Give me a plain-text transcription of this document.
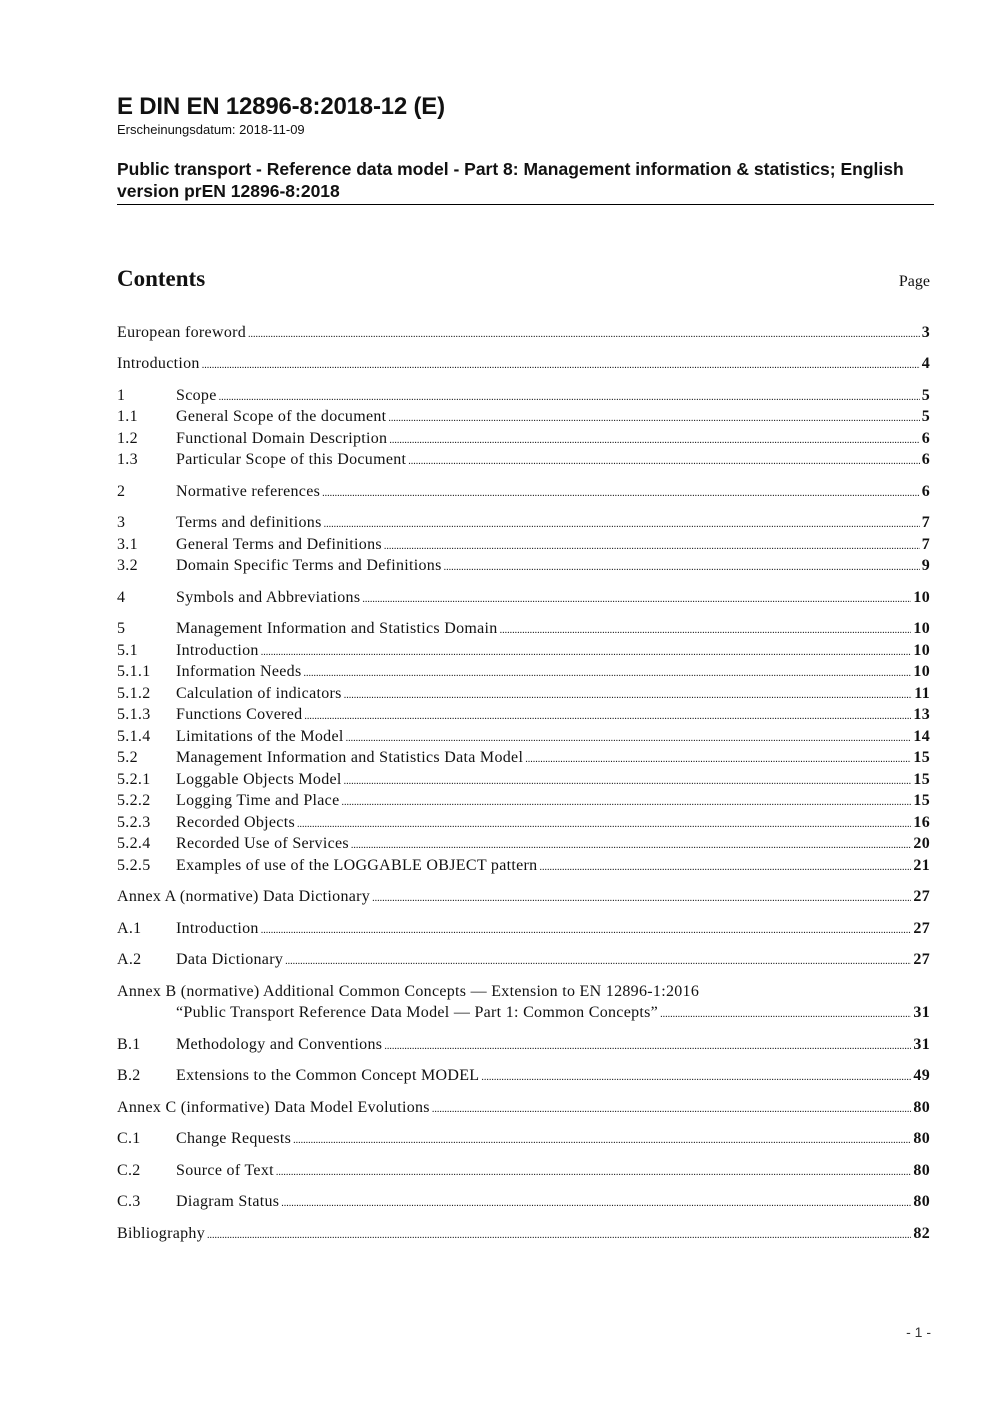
E DIN EN 12896-8:2018-12 (E)
Erscheinungsdatum: 2018-11-09
Public transport - Reference data model - Part 8: Management information & statistics; English version prEN 12896-8:2018
Contents	Page
European foreword .....	3
Introduction .....	4
1	Scope .....	5
1.1	General Scope of the document .....	5
1.2	Functional Domain Description .....	6
1.3	Particular Scope of this Document .....	6
2	Normative references .....	6
3	Terms and definitions .....	7
3.1	General Terms and Definitions .....	7
3.2	Domain Specific Terms and Definitions .....	9
4	Symbols and Abbreviations .....	10
5	Management Information and Statistics Domain .....	10
5.1	Introduction .....	10
5.1.1	Information Needs .....	10
5.1.2	Calculation of indicators .....	11
5.1.3	Functions Covered .....	13
5.1.4	Limitations of the Model .....	14
5.2	Management Information and Statistics Data Model .....	15
5.2.1	Loggable Objects Model .....	15
5.2.2	Logging Time and Place .....	15
5.2.3	Recorded Objects .....	16
5.2.4	Recorded Use of Services .....	20
5.2.5	Examples of use of the LOGGABLE OBJECT pattern .....	21
Annex A (normative) Data Dictionary .....	27
A.1	Introduction .....	27
A.2	Data Dictionary .....	27
Annex B (normative) Additional Common Concepts — Extension to EN 12896-1:2016
“Public Transport Reference Data Model — Part 1: Common Concepts” .....	31
B.1	Methodology and Conventions .....	31
B.2	Extensions to the Common Concept MODEL .....	49
Annex C (informative) Data Model Evolutions .....	80
C.1	Change Requests .....	80
C.2	Source of Text .....	80
C.3	Diagram Status .....	80
Bibliography .....	82
- 1 -
